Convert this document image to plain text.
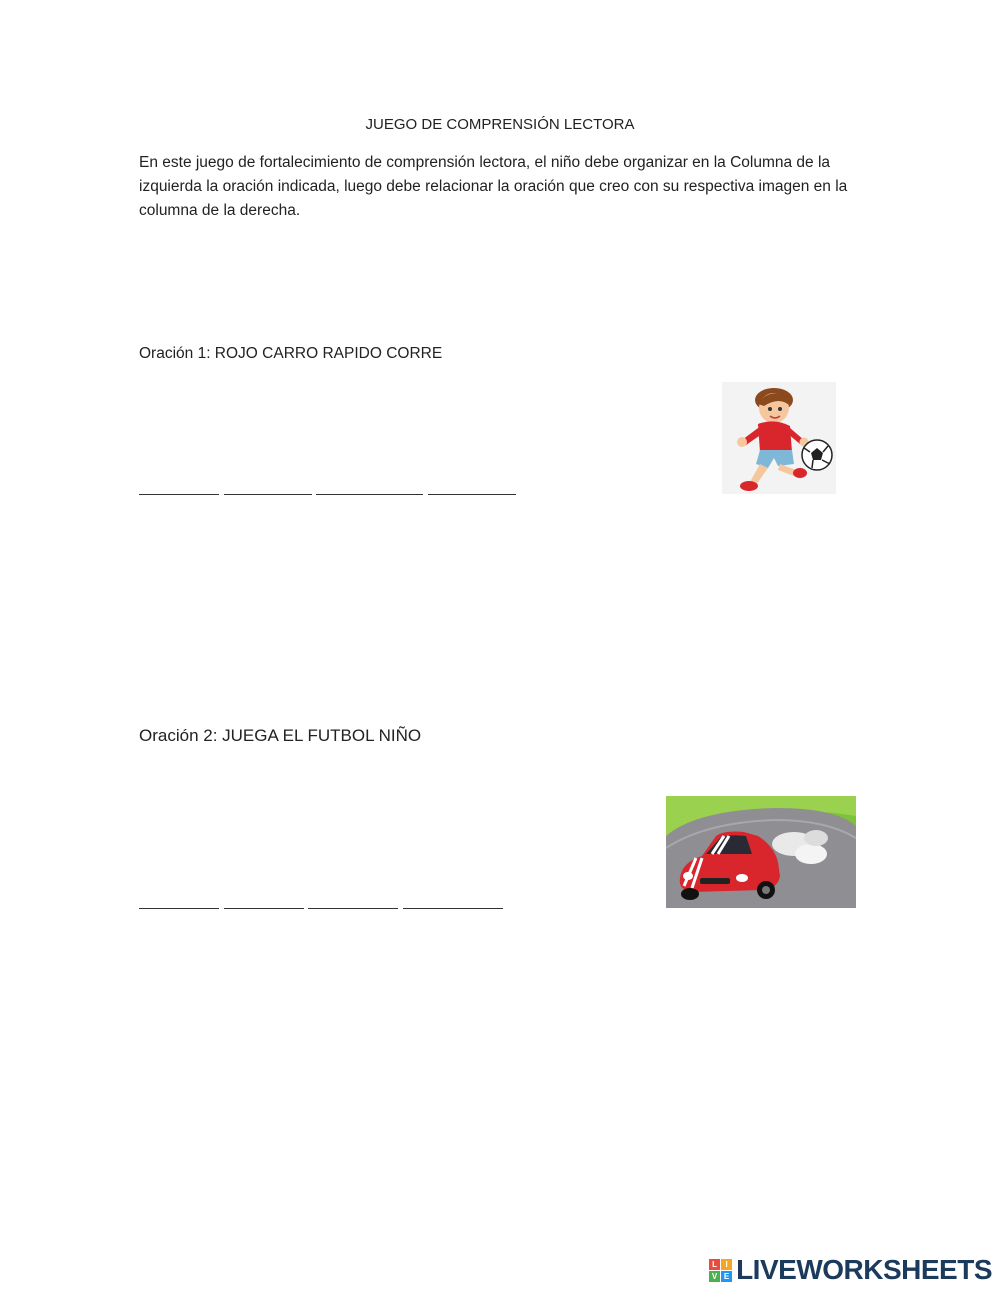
JUEGO DE COMPRENSIÓN LECTORA
En este juego de fortalecimiento de comprensión lectora, el niño debe organizar en la Columna de la izquierda la oración indicada, luego debe relacionar la oración que creo con su respectiva imagen en la columna de la derecha.
Oración 1: ROJO CARRO RAPIDO CORRE
Oración 2: JUEGA EL FUTBOL NIÑO
L	I
V E LIVEWORKSHEETS
